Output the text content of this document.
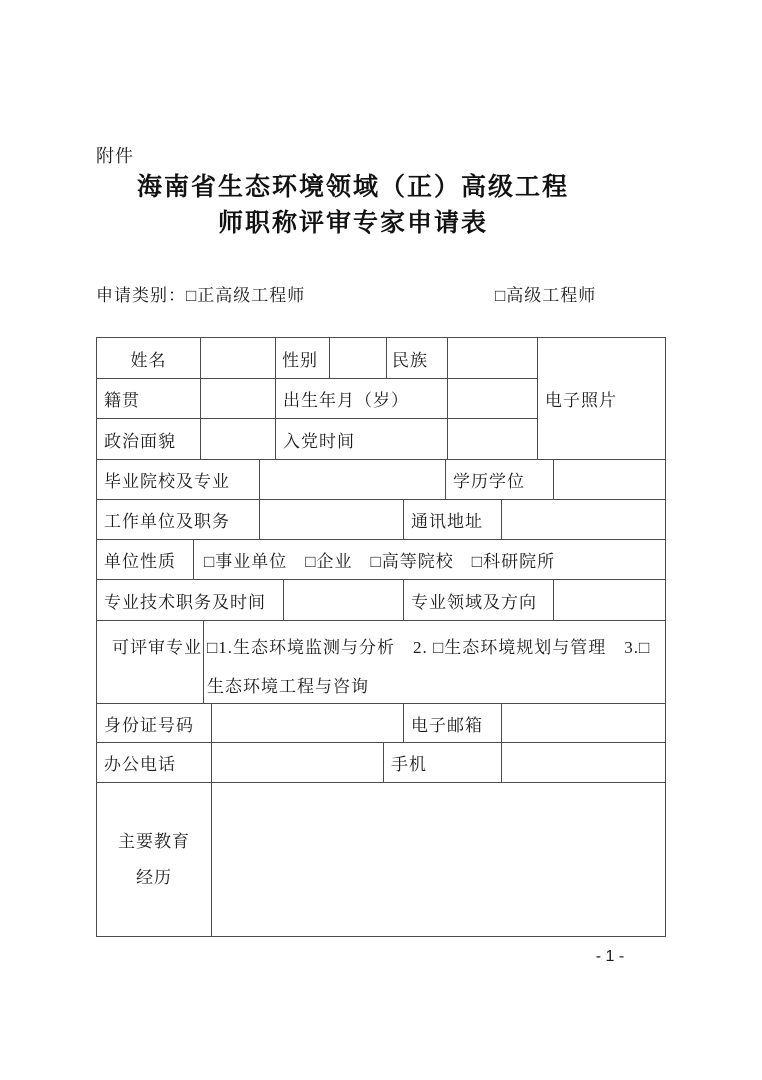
附件
海南省生态环境领域（正）高级工程
师职称评审专家申请表
申请类别：□正高级工程师	□高级工程师
姓名	性别	民族
电子照片
籍贯	出生年月（岁）
政治面貌	入党时间
毕业院校及专业	学历学位
工作单位及职务	通讯地址
单位性质	□事业单位　□企业　□高等院校　□科研院所
专业技术职务及时间	专业领域及方向
可评审专业 □1.生态环境监测与分析　2. □生态环境规划与管理　3.□
生态环境工程与咨询
身份证号码	电子邮箱
办公电话	手机
主要教育
经历
- 1 -
